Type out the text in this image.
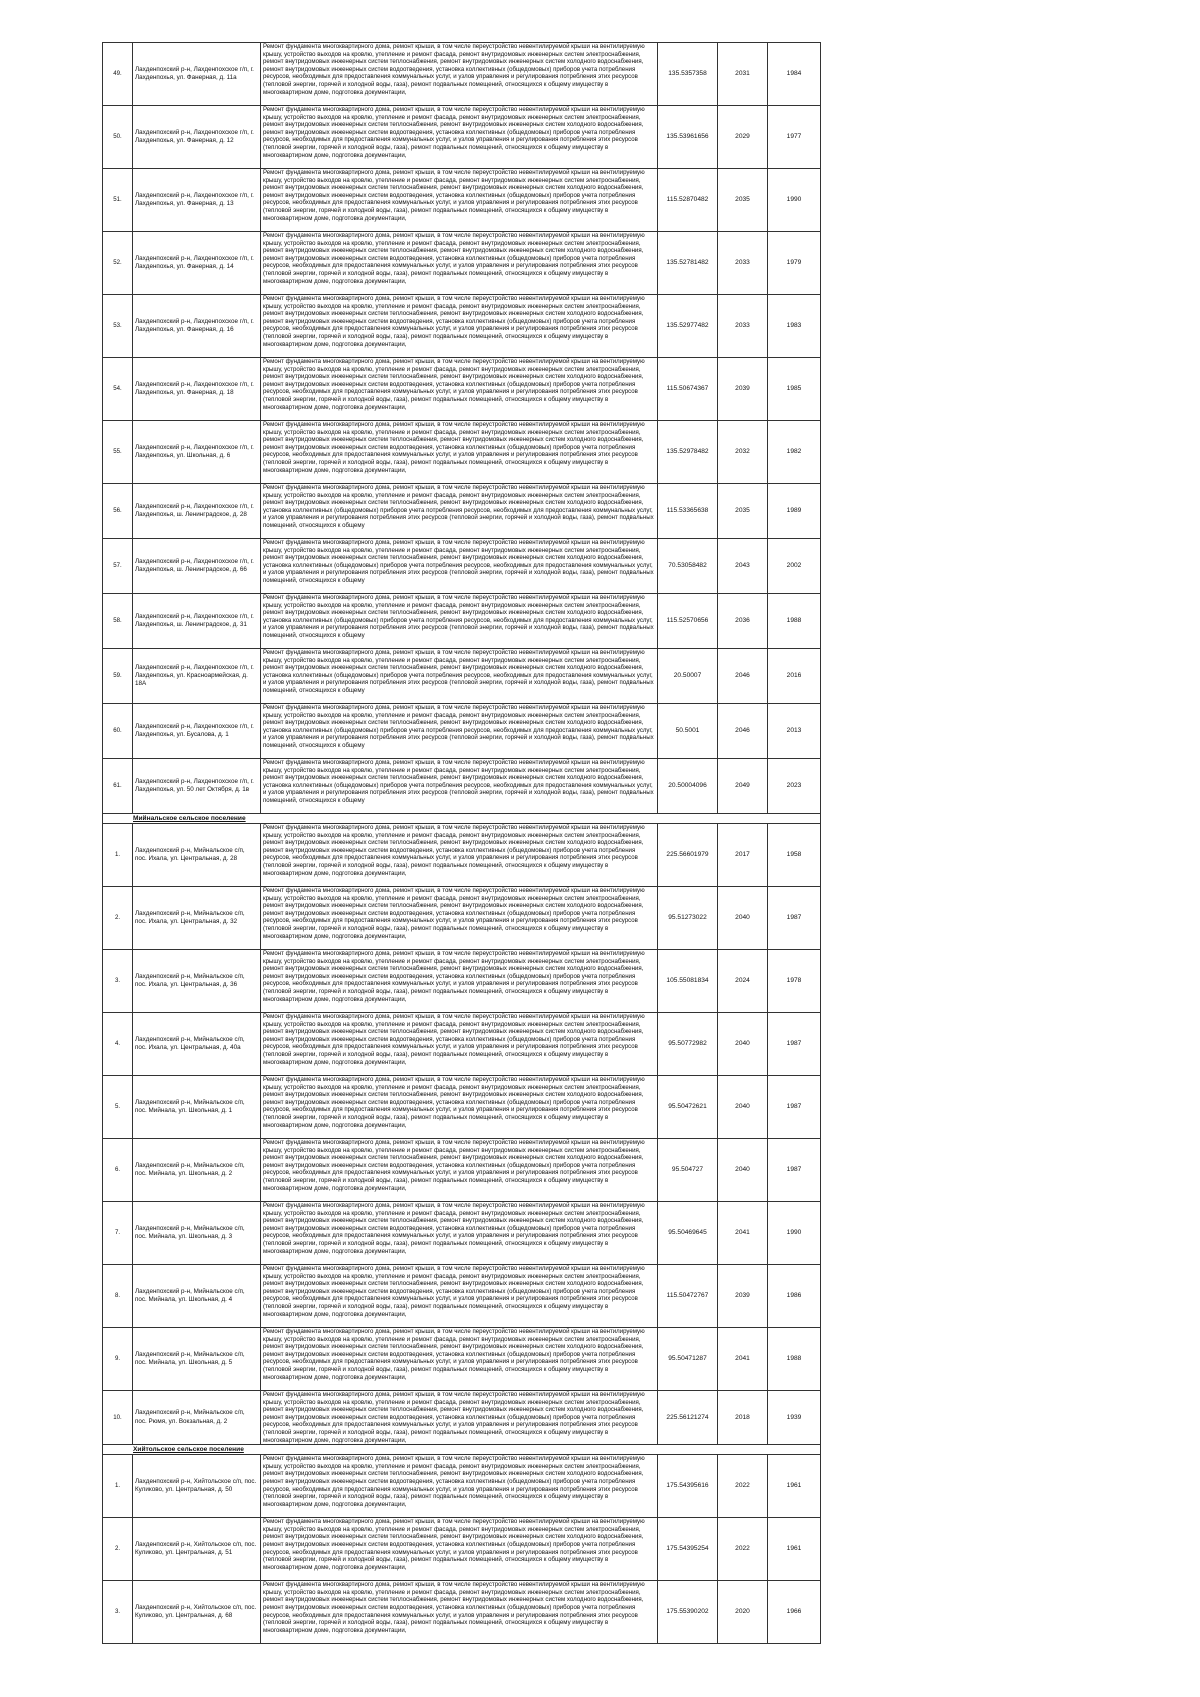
49.	Лахденпохский р-н, Лахденпохское г/п, г. Лахденпохья, ул. Фанерная, д. 11а	Ремонт фундамента многоквартирного дома, ремонт крыши, в том числе переустройство невентилируемой крыши на вентилируемую крышу, устройство выходов на кровлю, утепление и ремонт фасада, ремонт внутридомовых инженерных систем электроснабжения, ремонт внутридомовых инженерных систем теплоснабжения, ремонт внутридомовых инженерных систем холодного водоснабжения, ремонт внутридомовых инженерных систем водоотведения, установка коллективных (общедомовых) приборов учета потребления ресурсов, необходимых для предоставления коммунальных услуг, и узлов управления и регулирования потребления этих ресурсов (тепловой энергии, горячей и холодной воды, газа), ремонт подвальных помещений, относящихся к общему имуществу в многоквартирном доме, подготовка документации,	135.5357358	2031	1984
50.	Лахденпохский р-н, Лахденпохское г/п, г. Лахденпохья, ул. Фанерная, д. 12	Ремонт фундамента многоквартирного дома, ремонт крыши, в том числе переустройство невентилируемой крыши на вентилируемую крышу, устройство выходов на кровлю, утепление и ремонт фасада, ремонт внутридомовых инженерных систем электроснабжения, ремонт внутридомовых инженерных систем теплоснабжения, ремонт внутридомовых инженерных систем холодного водоснабжения, ремонт внутридомовых инженерных систем водоотведения, установка коллективных (общедомовых) приборов учета потребления ресурсов, необходимых для предоставления коммунальных услуг, и узлов управления и регулирования потребления этих ресурсов (тепловой энергии, горячей и холодной воды, газа), ремонт подвальных помещений, относящихся к общему имуществу в многоквартирном доме, подготовка документации,	135.53961656	2029	1977
51.	Лахденпохский р-н, Лахденпохское г/п, г. Лахденпохья, ул. Фанерная, д. 13	Ремонт фундамента многоквартирного дома, ремонт крыши, в том числе переустройство невентилируемой крыши на вентилируемую крышу, устройство выходов на кровлю, утепление и ремонт фасада, ремонт внутридомовых инженерных систем электроснабжения, ремонт внутридомовых инженерных систем теплоснабжения, ремонт внутридомовых инженерных систем холодного водоснабжения, ремонт внутридомовых инженерных систем водоотведения, установка коллективных (общедомовых) приборов учета потребления ресурсов, необходимых для предоставления коммунальных услуг, и узлов управления и регулирования потребления этих ресурсов (тепловой энергии, горячей и холодной воды, газа), ремонт подвальных помещений, относящихся к общему имуществу в многоквартирном доме, подготовка документации,	115.52870482	2035	1990
52.	Лахденпохский р-н, Лахденпохское г/п, г. Лахденпохья, ул. Фанерная, д. 14	Ремонт фундамента многоквартирного дома, ремонт крыши, в том числе переустройство невентилируемой крыши на вентилируемую крышу, устройство выходов на кровлю, утепление и ремонт фасада, ремонт внутридомовых инженерных систем электроснабжения, ремонт внутридомовых инженерных систем теплоснабжения, ремонт внутридомовых инженерных систем холодного водоснабжения, ремонт внутридомовых инженерных систем водоотведения, установка коллективных (общедомовых) приборов учета потребления ресурсов, необходимых для предоставления коммунальных услуг, и узлов управления и регулирования потребления этих ресурсов (тепловой энергии, горячей и холодной воды, газа), ремонт подвальных помещений, относящихся к общему имуществу в многоквартирном доме, подготовка документации,	135.52781482	2033	1979
53.	Лахденпохский р-н, Лахденпохское г/п, г. Лахденпохья, ул. Фанерная, д. 16	Ремонт фундамента многоквартирного дома, ремонт крыши, в том числе переустройство невентилируемой крыши на вентилируемую крышу, устройство выходов на кровлю, утепление и ремонт фасада, ремонт внутридомовых инженерных систем электроснабжения, ремонт внутридомовых инженерных систем теплоснабжения, ремонт внутридомовых инженерных систем холодного водоснабжения, ремонт внутридомовых инженерных систем водоотведения, установка коллективных (общедомовых) приборов учета потребления ресурсов, необходимых для предоставления коммунальных услуг, и узлов управления и регулирования потребления этих ресурсов (тепловой энергии, горячей и холодной воды, газа), ремонт подвальных помещений, относящихся к общему имуществу в многоквартирном доме, подготовка документации,	135.52977482	2033	1983
54.	Лахденпохский р-н, Лахденпохское г/п, г. Лахденпохья, ул. Фанерная, д. 18	Ремонт фундамента многоквартирного дома, ремонт крыши, в том числе переустройство невентилируемой крыши на вентилируемую крышу, устройство выходов на кровлю, утепление и ремонт фасада, ремонт внутридомовых инженерных систем электроснабжения, ремонт внутридомовых инженерных систем теплоснабжения, ремонт внутридомовых инженерных систем холодного водоснабжения, ремонт внутридомовых инженерных систем водоотведения, установка коллективных (общедомовых) приборов учета потребления ресурсов, необходимых для предоставления коммунальных услуг, и узлов управления и регулирования потребления этих ресурсов (тепловой энергии, горячей и холодной воды, газа), ремонт подвальных помещений, относящихся к общему имуществу в многоквартирном доме, подготовка документации,	115.50674367	2039	1985
55.	Лахденпохский р-н, Лахденпохское г/п, г. Лахденпохья, ул. Школьная, д. 6	Ремонт фундамента многоквартирного дома, ремонт крыши, в том числе переустройство невентилируемой крыши на вентилируемую крышу, устройство выходов на кровлю, утепление и ремонт фасада, ремонт внутридомовых инженерных систем электроснабжения, ремонт внутридомовых инженерных систем теплоснабжения, ремонт внутридомовых инженерных систем холодного водоснабжения, ремонт внутридомовых инженерных систем водоотведения, установка коллективных (общедомовых) приборов учета потребления ресурсов, необходимых для предоставления коммунальных услуг, и узлов управления и регулирования потребления этих ресурсов (тепловой энергии, горячей и холодной воды, газа), ремонт подвальных помещений, относящихся к общему имуществу в многоквартирном доме, подготовка документации,	135.52978482	2032	1982
56.	Лахденпохский р-н, Лахденпохское г/п, г. Лахденпохья, ш. Ленинградское, д. 28	Ремонт фундамента многоквартирного дома, ремонт крыши, в том числе переустройство невентилируемой крыши на вентилируемую крышу, устройство выходов на кровлю, утепление и ремонт фасада, ремонт внутридомовых инженерных систем электроснабжения, ремонт внутридомовых инженерных систем теплоснабжения, ремонт внутридомовых инженерных систем холодного водоснабжения, установка коллективных (общедомовых) приборов учета потребления ресурсов, необходимых для предоставления коммунальных услуг, и узлов управления и регулирования потребления этих ресурсов (тепловой энергии, горячей и холодной воды, газа), ремонт подвальных помещений, относящихся к общему	115.53365638	2035	1989
57.	Лахденпохский р-н, Лахденпохское г/п, г. Лахденпохья, ш. Ленинградское, д. 66	Ремонт фундамента многоквартирного дома, ремонт крыши, в том числе переустройство невентилируемой крыши на вентилируемую крышу, устройство выходов на кровлю, утепление и ремонт фасада, ремонт внутридомовых инженерных систем электроснабжения, ремонт внутридомовых инженерных систем теплоснабжения, ремонт внутридомовых инженерных систем холодного водоснабжения, установка коллективных (общедомовых) приборов учета потребления ресурсов, необходимых для предоставления коммунальных услуг, и узлов управления и регулирования потребления этих ресурсов (тепловой энергии, горячей и холодной воды, газа), ремонт подвальных помещений, относящихся к общему	70.53058482	2043	2002
58.	Лахденпохский р-н, Лахденпохское г/п, г. Лахденпохья, ш. Ленинградское, д. 31	Ремонт фундамента многоквартирного дома, ремонт крыши, в том числе переустройство невентилируемой крыши на вентилируемую крышу, устройство выходов на кровлю, утепление и ремонт фасада, ремонт внутридомовых инженерных систем электроснабжения, ремонт внутридомовых инженерных систем теплоснабжения, ремонт внутридомовых инженерных систем холодного водоснабжения, установка коллективных (общедомовых) приборов учета потребления ресурсов, необходимых для предоставления коммунальных услуг, и узлов управления и регулирования потребления этих ресурсов (тепловой энергии, горячей и холодной воды, газа), ремонт подвальных помещений, относящихся к общему	115.52570656	2036	1988
59.	Лахденпохский р-н, Лахденпохское г/п, г. Лахденпохья, ул. Красноармейская, д. 18А	Ремонт фундамента многоквартирного дома, ремонт крыши, в том числе переустройство невентилируемой крыши на вентилируемую крышу, устройство выходов на кровлю, утепление и ремонт фасада, ремонт внутридомовых инженерных систем электроснабжения, ремонт внутридомовых инженерных систем теплоснабжения, ремонт внутридомовых инженерных систем холодного водоснабжения, установка коллективных (общедомовых) приборов учета потребления ресурсов, необходимых для предоставления коммунальных услуг, и узлов управления и регулирования потребления этих ресурсов (тепловой энергии, горячей и холодной воды, газа), ремонт подвальных помещений, относящихся к общему	20.50007	2046	2016
60.	Лахденпохский р-н, Лахденпохское г/п, г. Лахденпохья, ул. Бусалова, д. 1	Ремонт фундамента многоквартирного дома, ремонт крыши, в том числе переустройство невентилируемой крыши на вентилируемую крышу, устройство выходов на кровлю, утепление и ремонт фасада, ремонт внутридомовых инженерных систем электроснабжения, ремонт внутридомовых инженерных систем теплоснабжения, ремонт внутридомовых инженерных систем холодного водоснабжения, установка коллективных (общедомовых) приборов учета потребления ресурсов, необходимых для предоставления коммунальных услуг, и узлов управления и регулирования потребления этих ресурсов (тепловой энергии, горячей и холодной воды, газа), ремонт подвальных помещений, относящихся к общему	50.5001	2046	2013
61.	Лахденпохский р-н, Лахденпохское г/п, г. Лахденпохья, ул. 50 лет Октября, д. 1в	Ремонт фундамента многоквартирного дома, ремонт крыши, в том числе переустройство невентилируемой крыши на вентилируемую крышу, устройство выходов на кровлю, утепление и ремонт фасада, ремонт внутридомовых инженерных систем электроснабжения, ремонт внутридомовых инженерных систем теплоснабжения, ремонт внутридомовых инженерных систем холодного водоснабжения, установка коллективных (общедомовых) приборов учета потребления ресурсов, необходимых для предоставления коммунальных услуг, и узлов управления и регулирования потребления этих ресурсов (тепловой энергии, горячей и холодной воды, газа), ремонт подвальных помещений, относящихся к общему	20.50004096	2049	2023
Мийнальское сельское поселение					
1.	Лахденпохский р-н, Мийнальское с/п, пос. Ихала, ул. Центральная, д. 28	Ремонт фундамента многоквартирного дома, ремонт крыши, в том числе переустройство невентилируемой крыши на вентилируемую крышу, устройство выходов на кровлю, утепление и ремонт фасада, ремонт внутридомовых инженерных систем электроснабжения, ремонт внутридомовых инженерных систем теплоснабжения, ремонт внутридомовых инженерных систем холодного водоснабжения, ремонт внутридомовых инженерных систем водоотведения, установка коллективных (общедомовых) приборов учета потребления ресурсов, необходимых для предоставления коммунальных услуг, и узлов управления и регулирования потребления этих ресурсов (тепловой энергии, горячей и холодной воды, газа), ремонт подвальных помещений, относящихся к общему имуществу в многоквартирном доме, подготовка документации,	225.56601979	2017	1958
2.	Лахденпохский р-н, Мийнальское с/п, пос. Ихала, ул. Центральная, д. 32	Ремонт фундамента многоквартирного дома, ремонт крыши, в том числе переустройство невентилируемой крыши на вентилируемую крышу, устройство выходов на кровлю, утепление и ремонт фасада, ремонт внутридомовых инженерных систем электроснабжения, ремонт внутридомовых инженерных систем теплоснабжения, ремонт внутридомовых инженерных систем холодного водоснабжения, ремонт внутридомовых инженерных систем водоотведения, установка коллективных (общедомовых) приборов учета потребления ресурсов, необходимых для предоставления коммунальных услуг, и узлов управления и регулирования потребления этих ресурсов (тепловой энергии, горячей и холодной воды, газа), ремонт подвальных помещений, относящихся к общему имуществу в многоквартирном доме, подготовка документации,	95.51273022	2040	1987
3.	Лахденпохский р-н, Мийнальское с/п, пос. Ихала, ул. Центральная, д. 36	Ремонт фундамента многоквартирного дома, ремонт крыши, в том числе переустройство невентилируемой крыши на вентилируемую крышу, устройство выходов на кровлю, утепление и ремонт фасада, ремонт внутридомовых инженерных систем электроснабжения, ремонт внутридомовых инженерных систем теплоснабжения, ремонт внутридомовых инженерных систем холодного водоснабжения, ремонт внутридомовых инженерных систем водоотведения, установка коллективных (общедомовых) приборов учета потребления ресурсов, необходимых для предоставления коммунальных услуг, и узлов управления и регулирования потребления этих ресурсов (тепловой энергии, горячей и холодной воды, газа), ремонт подвальных помещений, относящихся к общему имуществу в многоквартирном доме, подготовка документации,	105.55081834	2024	1978
4.	Лахденпохский р-н, Мийнальское с/п, пос. Ихала, ул. Центральная, д. 40а	Ремонт фундамента многоквартирного дома, ремонт крыши, в том числе переустройство невентилируемой крыши на вентилируемую крышу, устройство выходов на кровлю, утепление и ремонт фасада, ремонт внутридомовых инженерных систем электроснабжения, ремонт внутридомовых инженерных систем теплоснабжения, ремонт внутридомовых инженерных систем холодного водоснабжения, ремонт внутридомовых инженерных систем водоотведения, установка коллективных (общедомовых) приборов учета потребления ресурсов, необходимых для предоставления коммунальных услуг, и узлов управления и регулирования потребления этих ресурсов (тепловой энергии, горячей и холодной воды, газа), ремонт подвальных помещений, относящихся к общему имуществу в многоквартирном доме, подготовка документации,	95.50772982	2040	1987
5.	Лахденпохский р-н, Мийнальское с/п, пос. Мийнала, ул. Школьная, д. 1	Ремонт фундамента многоквартирного дома, ремонт крыши, в том числе переустройство невентилируемой крыши на вентилируемую крышу, устройство выходов на кровлю, утепление и ремонт фасада, ремонт внутридомовых инженерных систем электроснабжения, ремонт внутридомовых инженерных систем теплоснабжения, ремонт внутридомовых инженерных систем холодного водоснабжения, ремонт внутридомовых инженерных систем водоотведения, установка коллективных (общедомовых) приборов учета потребления ресурсов, необходимых для предоставления коммунальных услуг, и узлов управления и регулирования потребления этих ресурсов (тепловой энергии, горячей и холодной воды, газа), ремонт подвальных помещений, относящихся к общему имуществу в многоквартирном доме, подготовка документации,	95.50472621	2040	1987
6.	Лахденпохский р-н, Мийнальское с/п, пос. Мийнала, ул. Школьная, д. 2	Ремонт фундамента многоквартирного дома, ремонт крыши, в том числе переустройство невентилируемой крыши на вентилируемую крышу, устройство выходов на кровлю, утепление и ремонт фасада, ремонт внутридомовых инженерных систем электроснабжения, ремонт внутридомовых инженерных систем теплоснабжения, ремонт внутридомовых инженерных систем холодного водоснабжения, ремонт внутридомовых инженерных систем водоотведения, установка коллективных (общедомовых) приборов учета потребления ресурсов, необходимых для предоставления коммунальных услуг, и узлов управления и регулирования потребления этих ресурсов (тепловой энергии, горячей и холодной воды, газа), ремонт подвальных помещений, относящихся к общему имуществу в многоквартирном доме, подготовка документации,	95.504727	2040	1987
7.	Лахденпохский р-н, Мийнальское с/п, пос. Мийнала, ул. Школьная, д. 3	Ремонт фундамента многоквартирного дома, ремонт крыши, в том числе переустройство невентилируемой крыши на вентилируемую крышу, устройство выходов на кровлю, утепление и ремонт фасада, ремонт внутридомовых инженерных систем электроснабжения, ремонт внутридомовых инженерных систем теплоснабжения, ремонт внутридомовых инженерных систем холодного водоснабжения, ремонт внутридомовых инженерных систем водоотведения, установка коллективных (общедомовых) приборов учета потребления ресурсов, необходимых для предоставления коммунальных услуг, и узлов управления и регулирования потребления этих ресурсов (тепловой энергии, горячей и холодной воды, газа), ремонт подвальных помещений, относящихся к общему имуществу в многоквартирном доме, подготовка документации,	95.50469645	2041	1990
8.	Лахденпохский р-н, Мийнальское с/п, пос. Мийнала, ул. Школьная, д. 4	Ремонт фундамента многоквартирного дома, ремонт крыши, в том числе переустройство невентилируемой крыши на вентилируемую крышу, устройство выходов на кровлю, утепление и ремонт фасада, ремонт внутридомовых инженерных систем электроснабжения, ремонт внутридомовых инженерных систем теплоснабжения, ремонт внутридомовых инженерных систем холодного водоснабжения, ремонт внутридомовых инженерных систем водоотведения, установка коллективных (общедомовых) приборов учета потребления ресурсов, необходимых для предоставления коммунальных услуг, и узлов управления и регулирования потребления этих ресурсов (тепловой энергии, горячей и холодной воды, газа), ремонт подвальных помещений, относящихся к общему имуществу в многоквартирном доме, подготовка документации,	115.50472767	2039	1986
9.	Лахденпохский р-н, Мийнальское с/п, пос. Мийнала, ул. Школьная, д. 5	Ремонт фундамента многоквартирного дома, ремонт крыши, в том числе переустройство невентилируемой крыши на вентилируемую крышу, устройство выходов на кровлю, утепление и ремонт фасада, ремонт внутридомовых инженерных систем электроснабжения, ремонт внутридомовых инженерных систем теплоснабжения, ремонт внутридомовых инженерных систем холодного водоснабжения, ремонт внутридомовых инженерных систем водоотведения, установка коллективных (общедомовых) приборов учета потребления ресурсов, необходимых для предоставления коммунальных услуг, и узлов управления и регулирования потребления этих ресурсов (тепловой энергии, горячей и холодной воды, газа), ремонт подвальных помещений, относящихся к общему имуществу в многоквартирном доме, подготовка документации,	95.50471287	2041	1988
10.	Лахденпохский р-н, Мийнальское с/п, пос. Рюмя, ул. Вокзальная, д. 2	Ремонт фундамента многоквартирного дома, ремонт крыши, в том числе переустройство невентилируемой крыши на вентилируемую крышу, устройство выходов на кровлю, утепление и ремонт фасада, ремонт внутридомовых инженерных систем электроснабжения, ремонт внутридомовых инженерных систем теплоснабжения, ремонт внутридомовых инженерных систем холодного водоснабжения, ремонт внутридомовых инженерных систем водоотведения, установка коллективных (общедомовых) приборов учета потребления ресурсов, необходимых для предоставления коммунальных услуг, и узлов управления и регулирования потребления этих ресурсов (тепловой энергии, горячей и холодной воды, газа), ремонт подвальных помещений, относящихся к общему имуществу в многоквартирном доме, подготовка документации,	225.56121274	2018	1939
Хийтольское сельское поселение					
1.	Лахденпохский р-н, Хийтольское с/п, пос. Куликово, ул. Центральная, д. 50	Ремонт фундамента многоквартирного дома, ремонт крыши, в том числе переустройство невентилируемой крыши на вентилируемую крышу, устройство выходов на кровлю, утепление и ремонт фасада, ремонт внутридомовых инженерных систем электроснабжения, ремонт внутридомовых инженерных систем теплоснабжения, ремонт внутридомовых инженерных систем холодного водоснабжения, ремонт внутридомовых инженерных систем водоотведения, установка коллективных (общедомовых) приборов учета потребления ресурсов, необходимых для предоставления коммунальных услуг, и узлов управления и регулирования потребления этих ресурсов (тепловой энергии, горячей и холодной воды, газа), ремонт подвальных помещений, относящихся к общему имуществу в многоквартирном доме, подготовка документации,	175.54395616	2022	1961
2.	Лахденпохский р-н, Хийтольское с/п, пос. Куликово, ул. Центральная, д. 51	Ремонт фундамента многоквартирного дома, ремонт крыши, в том числе переустройство невентилируемой крыши на вентилируемую крышу, устройство выходов на кровлю, утепление и ремонт фасада, ремонт внутридомовых инженерных систем электроснабжения, ремонт внутридомовых инженерных систем теплоснабжения, ремонт внутридомовых инженерных систем холодного водоснабжения, ремонт внутридомовых инженерных систем водоотведения, установка коллективных (общедомовых) приборов учета потребления ресурсов, необходимых для предоставления коммунальных услуг, и узлов управления и регулирования потребления этих ресурсов (тепловой энергии, горячей и холодной воды, газа), ремонт подвальных помещений, относящихся к общему имуществу в многоквартирном доме, подготовка документации,	175.54395254	2022	1961
3.	Лахденпохский р-н, Хийтольское с/п, пос. Куликово, ул. Центральная, д. 68	Ремонт фундамента многоквартирного дома, ремонт крыши, в том числе переустройство невентилируемой крыши на вентилируемую крышу, устройство выходов на кровлю, утепление и ремонт фасада, ремонт внутридомовых инженерных систем электроснабжения, ремонт внутридомовых инженерных систем теплоснабжения, ремонт внутридомовых инженерных систем холодного водоснабжения, ремонт внутридомовых инженерных систем водоотведения, установка коллективных (общедомовых) приборов учета потребления ресурсов, необходимых для предоставления коммунальных услуг, и узлов управления и регулирования потребления этих ресурсов (тепловой энергии, горячей и холодной воды, газа), ремонт подвальных помещений, относящихся к общему имуществу в многоквартирном доме, подготовка документации,	175.55390202	2020	1966
